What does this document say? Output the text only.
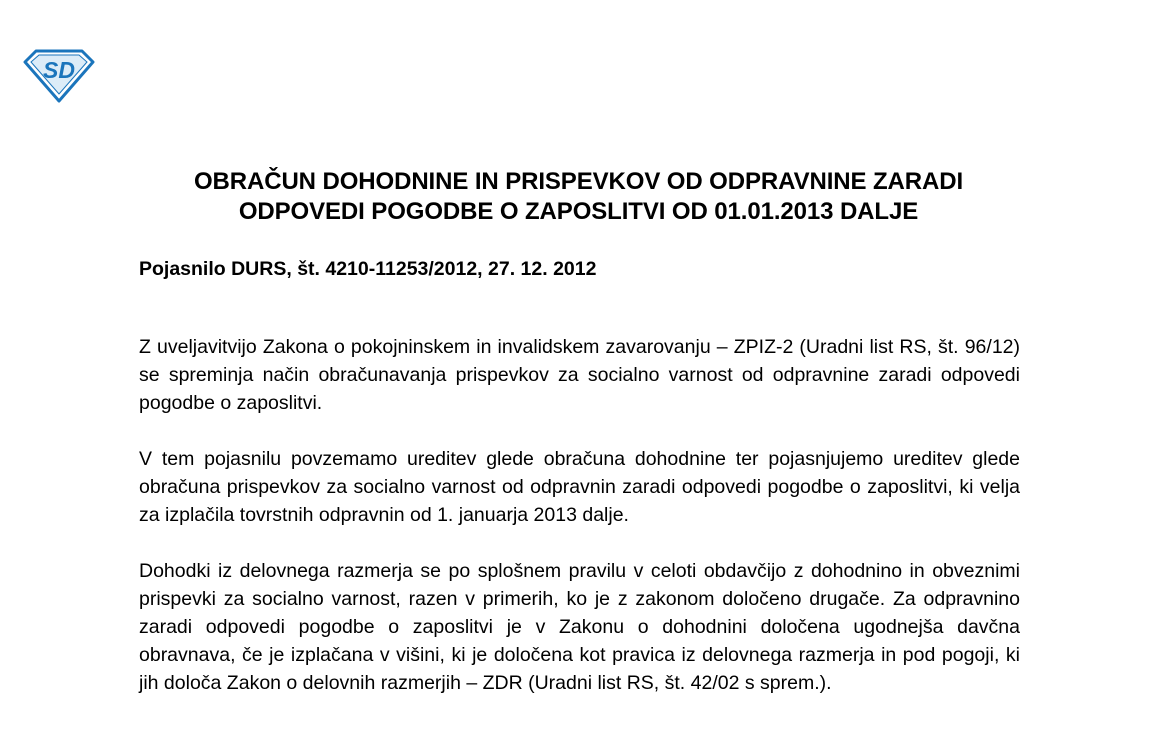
SD
OBRAČUN DOHODNINE IN PRISPEVKOV OD ODPRAVNINE ZARADI
ODPOVEDI POGODBE O ZAPOSLITVI OD 01.01.2013 DALJE

Pojasnilo DURS, št. 4210-11253/2012, 27. 12. 2012

Z uveljavitvijo Zakona o pokojninskem in invalidskem zavarovanju – ZPIZ-2 (Uradni list RS, št. 96/12) se spreminja način obračunavanja prispevkov za socialno varnost od odpravnine zaradi odpovedi pogodbe o zaposlitvi.

V tem pojasnilu povzemamo ureditev glede obračuna dohodnine ter pojasnjujemo ureditev glede obračuna prispevkov za socialno varnost od odpravnin zaradi odpovedi pogodbe o zaposlitvi, ki velja za izplačila tovrstnih odpravnin od 1. januarja 2013 dalje.

Dohodki iz delovnega razmerja se po splošnem pravilu v celoti obdavčijo z dohodnino in obveznimi prispevki za socialno varnost, razen v primerih, ko je z zakonom določeno drugače. Za odpravnino zaradi odpovedi pogodbe o zaposlitvi je v Zakonu o dohodnini določena ugodnejša davčna obravnava, če je izplačana v višini, ki je določena kot pravica iz delovnega razmerja in pod pogoji, ki jih določa Zakon o delovnih razmerjih – ZDR (Uradni list RS, št. 42/02 s sprem.).
